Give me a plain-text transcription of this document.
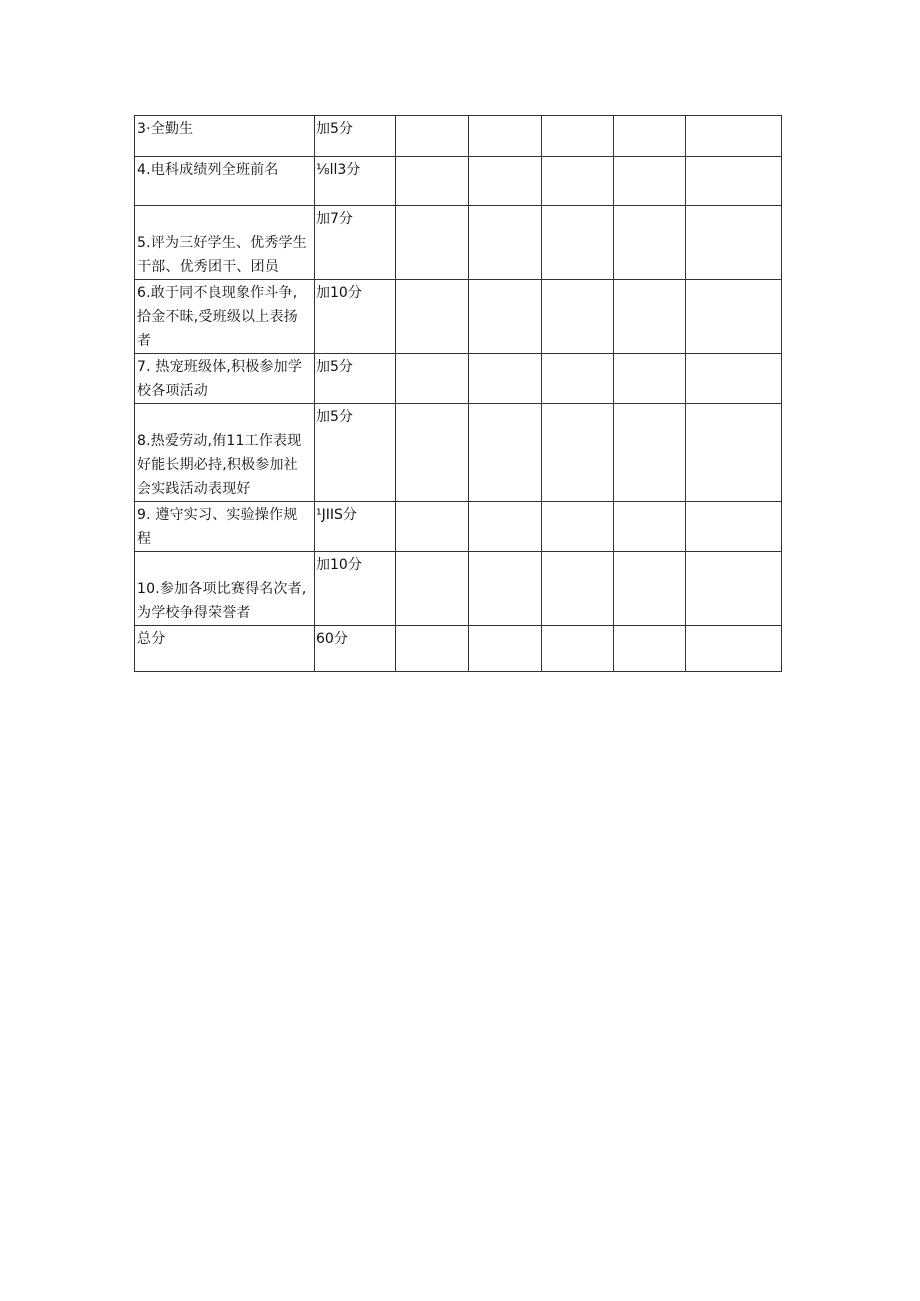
3·全勤生	加5分					
4.电科成绩列全班前名	⅛ll3分					

5.评为三好学生、优秀学生
干部、优秀团干、团员	加7分					
6.敢于同不良现象作斗争,
拾金不昧,受班级以上表扬
者	加10分					
7. 热宠班级体,积极参加学
校各项活动	加5分					

8.热爱劳动,侑11工作表现
好能长期必持,积极参加社
会实践活动表现好	加5分					
9. 遵守实习、实验操作规
程	¹JIIS分					

10.参加各项比赛得名次者,
为学校争得荣誉者	加10分					
总分	60分					
